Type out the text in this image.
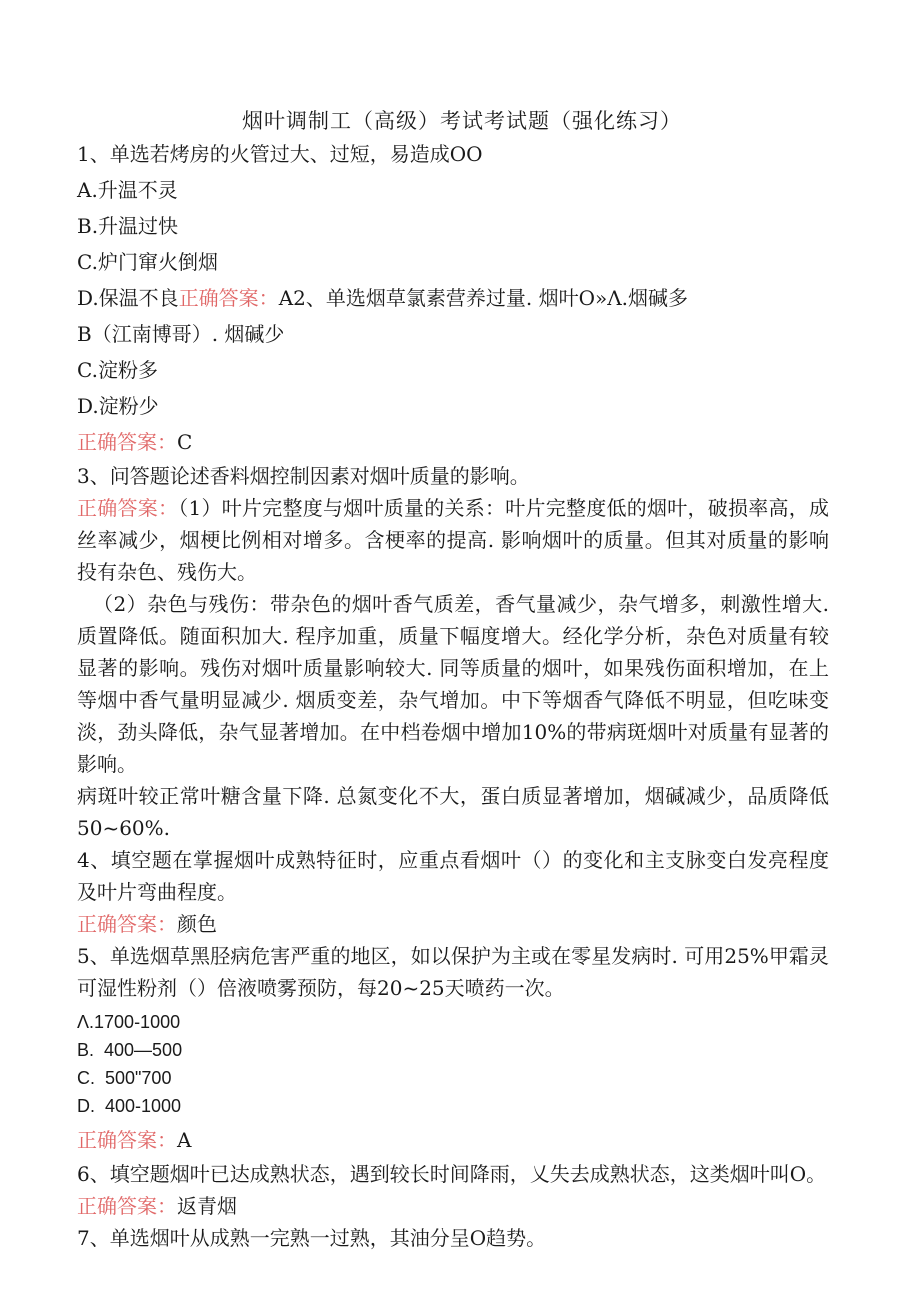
烟叶调制工（高级）考试考试题（强化练习）
1、单选若烤房的火管过大、过短，易造成OO
A.升温不灵
B.升温过快
C.炉门窜火倒烟
D.保温不良正确答案：A2、单选烟草氯素营养过量. 烟叶O»Λ.烟碱多
B（江南博哥）. 烟碱少
C.淀粉多
D.淀粉少
正确答案：C
3、问答题论述香料烟控制因素对烟叶质量的影响。
正确答案：（1）叶片完整度与烟叶质量的关系：叶片完整度低的烟叶，破损率高，成丝率减少，烟梗比例相对增多。含梗率的提高. 影响烟叶的质量。但其对质量的影响投有杂色、残伤大。
（2）杂色与残伤：带杂色的烟叶香气质差，香气量减少，杂气增多，刺激性增大. 质置降低。随面积加大. 程序加重，质量下幅度增大。经化学分析，杂色对质量有较显著的影响。残伤对烟叶质量影响较大. 同等质量的烟叶，如果残伤面积增加，在上等烟中香气量明显减少. 烟质变差，杂气增加。中下等烟香气降低不明显，但吃味变淡，劲头降低，杂气显著增加。在中档卷烟中增加10%的带病斑烟叶对质量有显著的影响。
病斑叶较正常叶糖含量下降. 总氮变化不大，蛋白质显著增加，烟碱减少，品质降低50~60%.
4、填空题在掌握烟叶成熟特征时，应重点看烟叶（）的变化和主支脉变白发亮程度及叶片弯曲程度。
正确答案：颜色
5、单选烟草黑胫病危害严重的地区，如以保护为主或在零星发病时. 可用25%甲霜灵可湿性粉剂（）倍液喷雾预防，每20~25天喷药一次。
Λ.1700-1000
B.  400—500
C.  500"700
D.  400-1000
正确答案：A
6、填空题烟叶已达成熟状态，遇到较长时间降雨，乂失去成熟状态，这类烟叶叫O。
正确答案：返青烟
7、单选烟叶从成熟一完熟一过熟，其油分呈O趋势。
